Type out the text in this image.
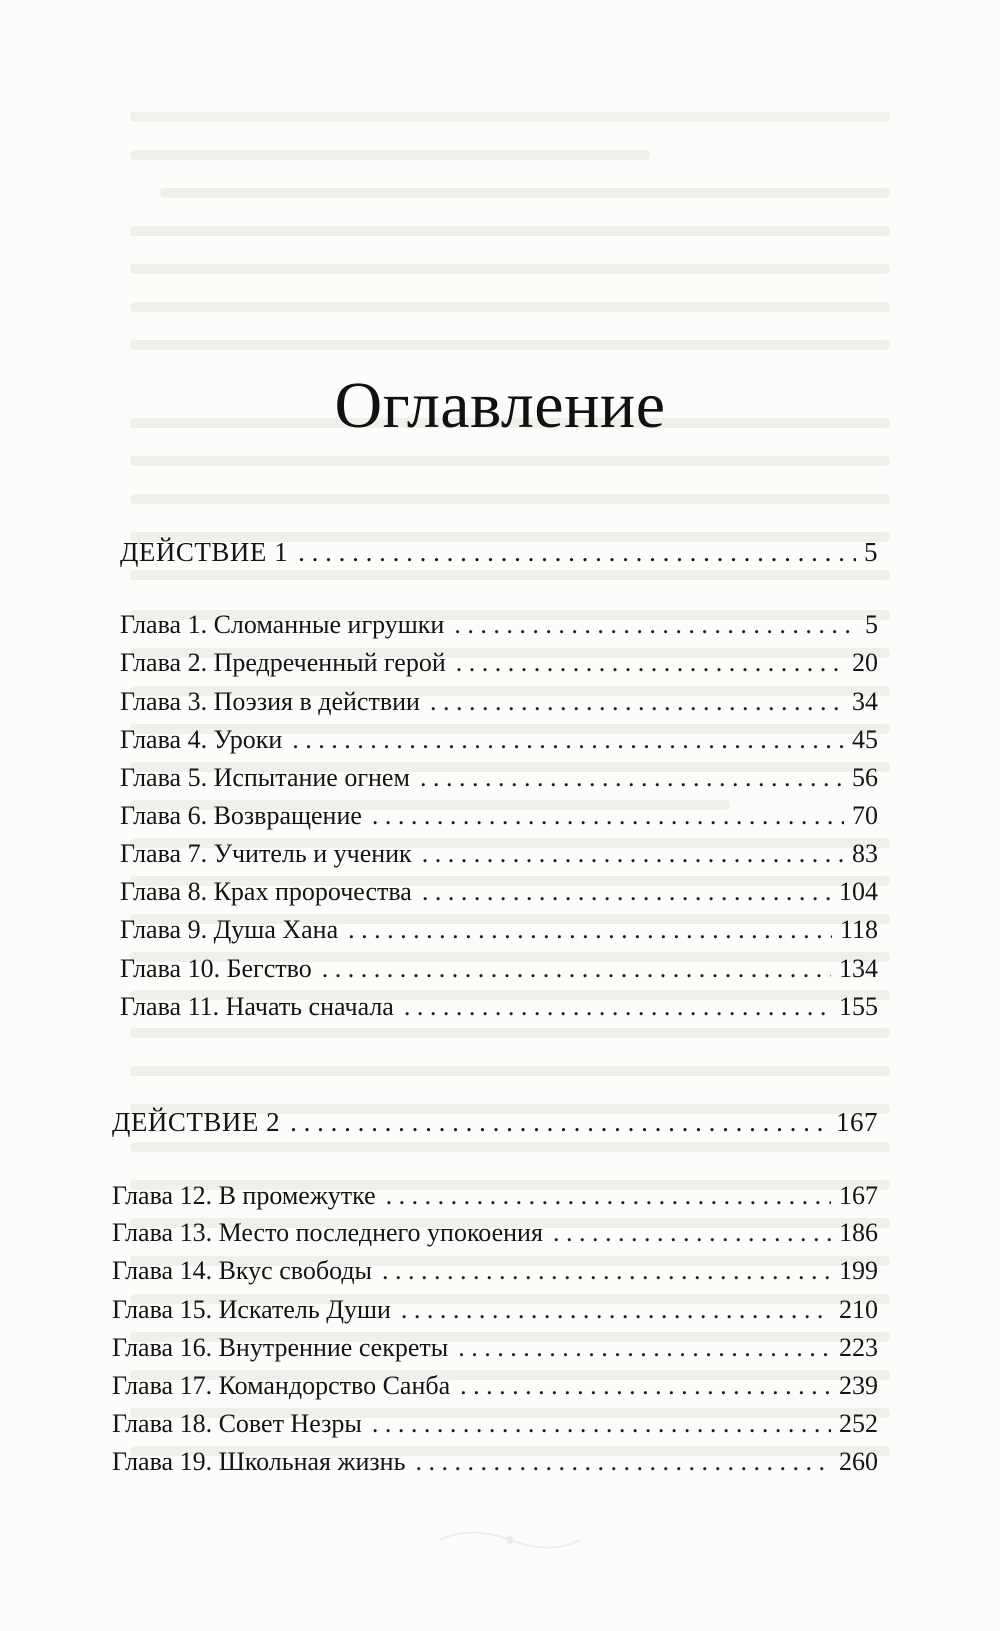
Оглавление
ДЕЙСТВИЕ 1 . . .	5
Глава 1. Сломанные игрушки . . .	5
Глава 2. Предреченный герой . . .	20
Глава 3. Поэзия в действии . . .	34
Глава 4. Уроки . . .	45
Глава 5. Испытание огнем . . .	56
Глава 6. Возвращение . . .	70
Глава 7. Учитель и ученик . . .	83
Глава 8. Крах пророчества . . .	104
Глава 9. Душа Хана . . .	118
Глава 10. Бегство . . .	134
Глава 11. Начать сначала . . .	155
ДЕЙСТВИЕ 2 . . .	167
Глава 12. В промежутке . . .	167
Глава 13. Место последнего упокоения . . .	186
Глава 14. Вкус свободы . . .	199
Глава 15. Искатель Души . . .	210
Глава 16. Внутренние секреты . . .	223
Глава 17. Командорство Санба . . .	239
Глава 18. Совет Незры . . .	252
Глава 19. Школьная жизнь . . .	260
